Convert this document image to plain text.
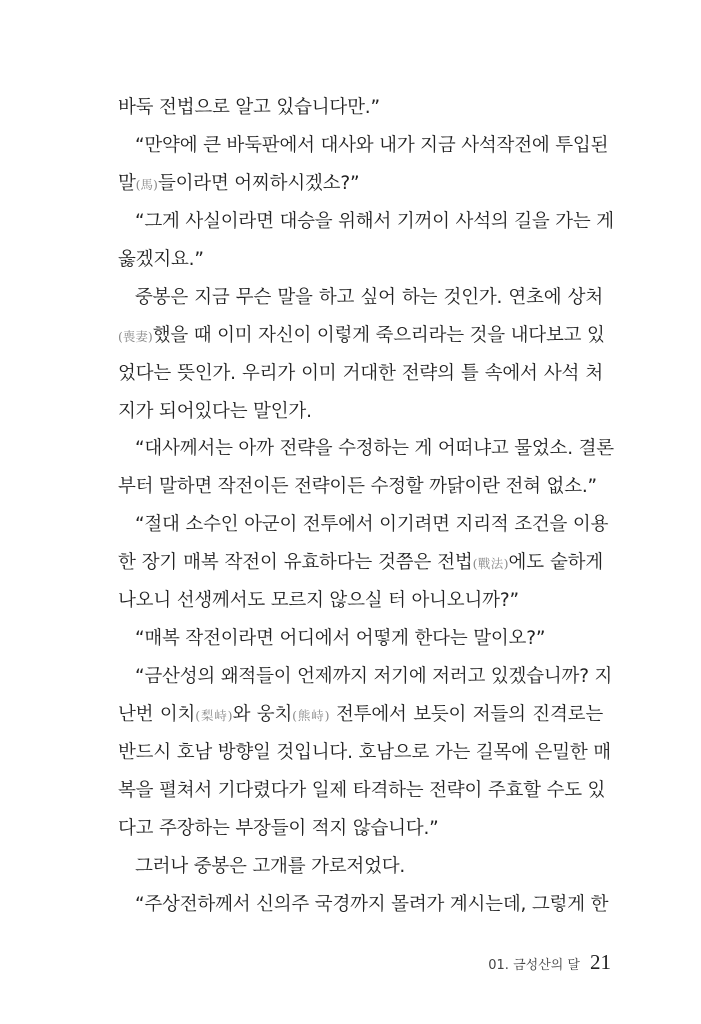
바둑 전법으로 알고 있습니다만.”
“만약에 큰 바둑판에서 대사와 내가 지금 사석작전에 투입된
말(馬)들이라면 어찌하시겠소?”
“그게 사실이라면 대승을 위해서 기꺼이 사석의 길을 가는 게
옳겠지요.”
중봉은 지금 무슨 말을 하고 싶어 하는 것인가. 연초에 상처
(喪妻)했을 때 이미 자신이 이렇게 죽으리라는 것을 내다보고 있
었다는 뜻인가. 우리가 이미 거대한 전략의 틀 속에서 사석 처
지가 되어있다는 말인가.
“대사께서는 아까 전략을 수정하는 게 어떠냐고 물었소. 결론
부터 말하면 작전이든 전략이든 수정할 까닭이란 전혀 없소.”
“절대 소수인 아군이 전투에서 이기려면 지리적 조건을 이용
한 장기 매복 작전이 유효하다는 것쯤은 전법(戰法)에도 숱하게
나오니 선생께서도 모르지 않으실 터 아니오니까?”
“매복 작전이라면 어디에서 어떻게 한다는 말이오?”
“금산성의 왜적들이 언제까지 저기에 저러고 있겠습니까? 지
난번 이치(梨峙)와 웅치(熊峙) 전투에서 보듯이 저들의 진격로는
반드시 호남 방향일 것입니다. 호남으로 가는 길목에 은밀한 매
복을 펼쳐서 기다렸다가 일제 타격하는 전략이 주효할 수도 있
다고 주장하는 부장들이 적지 않습니다.”
그러나 중봉은 고개를 가로저었다.
“주상전하께서 신의주 국경까지 몰려가 계시는데, 그렇게 한
01. 금성산의 달 21
